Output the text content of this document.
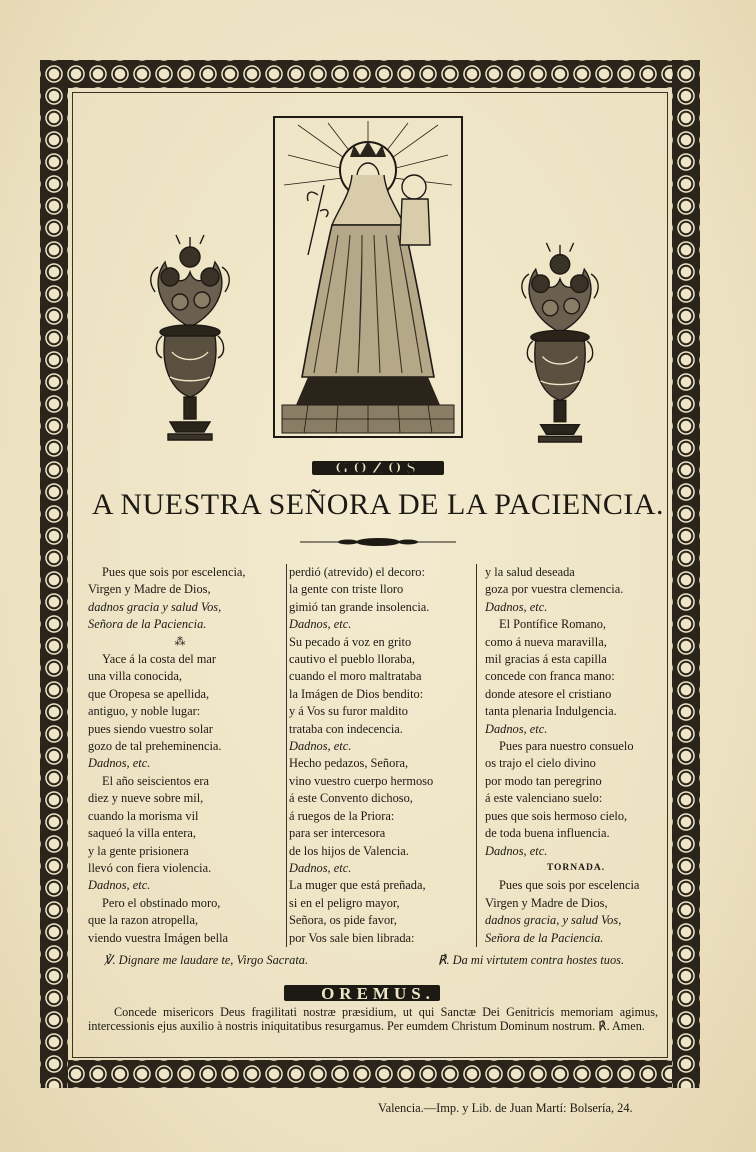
GOZOS
A NUESTRA SEÑORA DE LA PACIENCIA.
Pues que sois por escelencia,
Virgen y Madre de Dios,
dadnos gracia y salud Vos,
Señora de la Paciencia.
⁂
Yace á la costa del mar
una villa conocida,
que Oropesa se apellida,
antiguo, y noble lugar:
pues siendo vuestro solar
gozo de tal preheminencia.
Dadnos, etc.
El año seiscientos era
diez y nueve sobre mil,
cuando la morisma vil
saqueó la villa entera,
y la gente prisionera
llevó con fiera violencia.
Dadnos, etc.
Pero el obstinado moro,
que la razon atropella,
viendo vuestra Imágen bella
perdió (atrevido) el decoro:
la gente con triste lloro
gimió tan grande insolencia.
Dadnos, etc.
Su pecado á voz en grito
cautivo el pueblo lloraba,
cuando el moro maltrataba
la Imágen de Dios bendito:
y á Vos su furor maldito
trataba con indecencia.
Dadnos, etc.
Hecho pedazos, Señora,
vino vuestro cuerpo hermoso
á este Convento dichoso,
á ruegos de la Priora:
para ser intercesora
de los hijos de Valencia.
Dadnos, etc.
La muger que está preñada,
si en el peligro mayor,
Señora, os pide favor,
por Vos sale bien librada:
y la salud deseada
goza por vuestra clemencia.
Dadnos, etc.
El Pontífice Romano,
como á nueva maravilla,
mil gracias á esta capilla
concede con franca mano:
donde atesore el cristiano
tanta plenaria Indulgencia.
Dadnos, etc.
Pues para nuestro consuelo
os trajo el cielo divino
por modo tan peregrino
á este valenciano suelo:
pues que sois hermoso cielo,
de toda buena influencia.
Dadnos, etc.
TORNADA.
Pues que sois por escelencia
Virgen y Madre de Dios,
dadnos gracia, y salud Vos,
Señora de la Paciencia.
℣. Dignare me laudare te, Virgo Sacrata.	℟. Da mi virtutem contra hostes tuos.
OREMUS.
Concede misericors Deus fragilitati nostræ præsidium, ut qui Sanctæ Dei Genitricis memoriam agimus, intercessionis ejus auxilio à nostris iniquitatibus resurgamus. Per eumdem Christum Dominum nostrum. ℟. Amen.
Valencia.—Imp. y Lib. de Juan Martí: Bolsería, 24.
